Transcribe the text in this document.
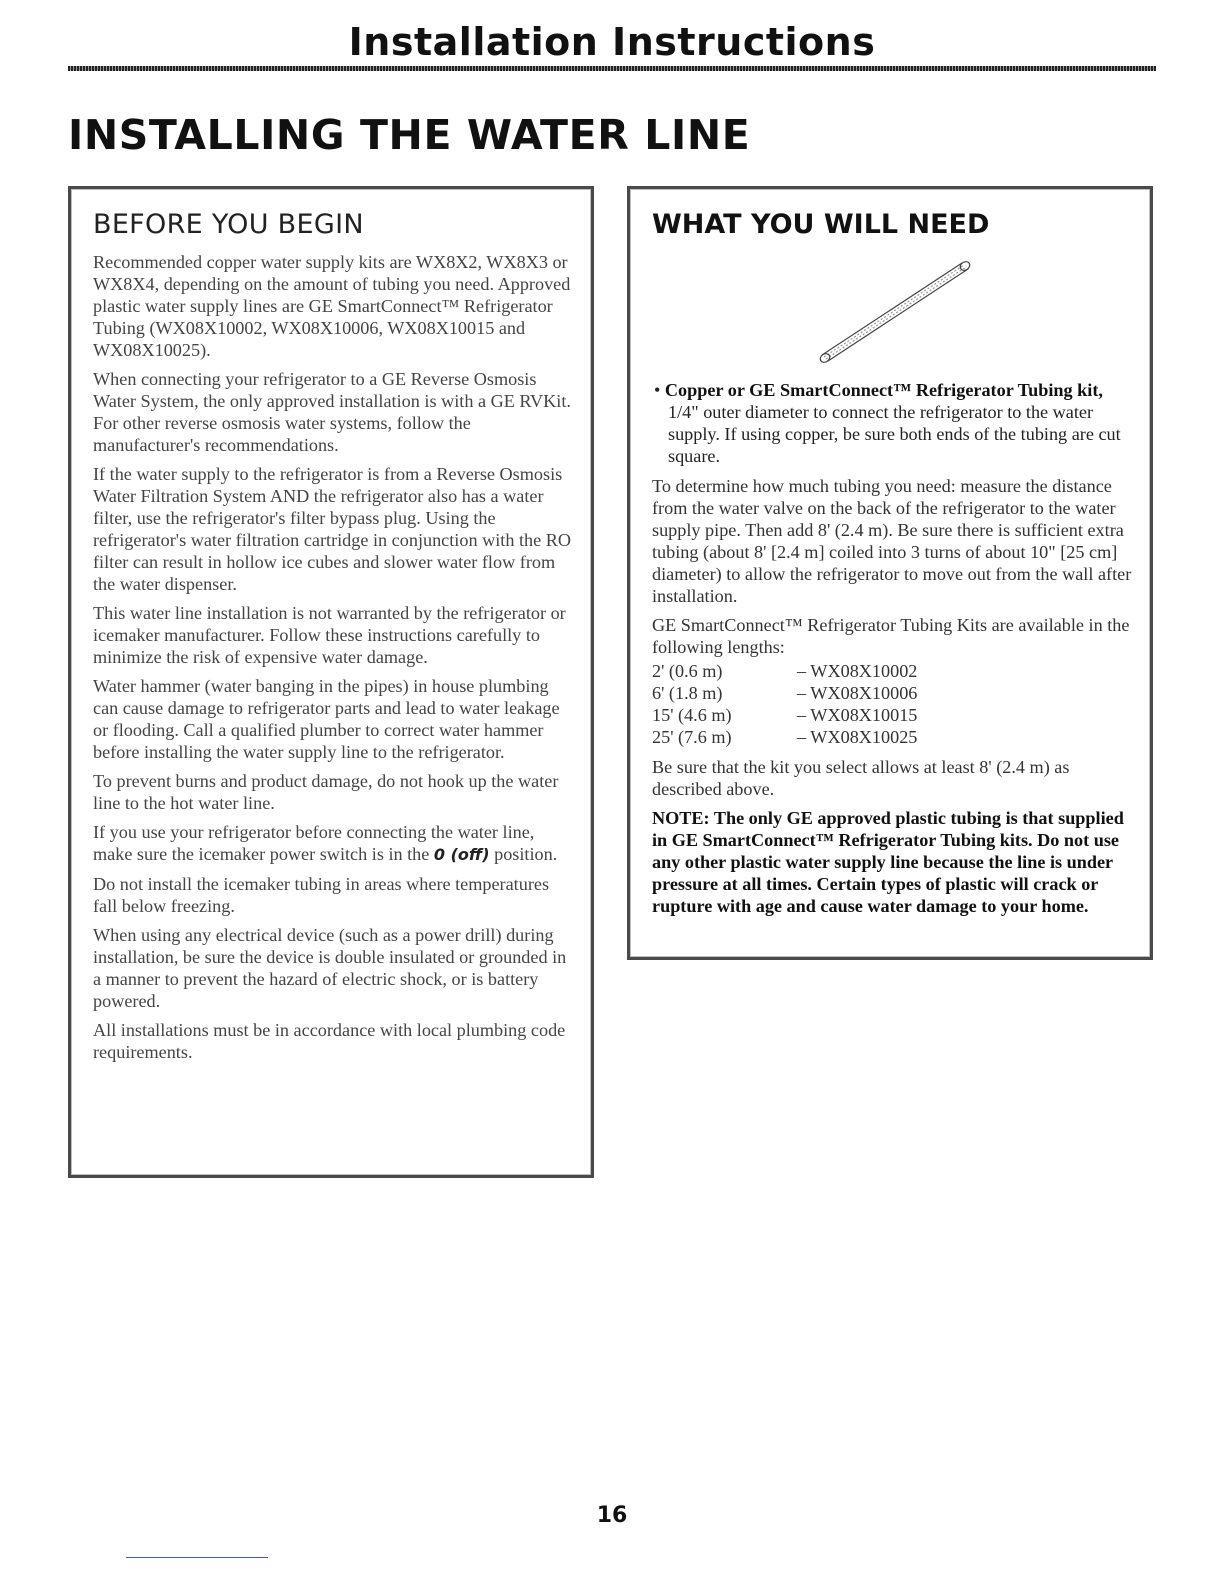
Installation Instructions
INSTALLING THE WATER LINE
BEFORE YOU BEGIN

Recommended copper water supply kits are WX8X2, WX8X3 or WX8X4, depending on the amount of tubing you need. Approved plastic water supply lines are GE SmartConnect™ Refrigerator Tubing (WX08X10002, WX08X10006, WX08X10015 and WX08X10025).

When connecting your refrigerator to a GE Reverse Osmosis Water System, the only approved installation is with a GE RVKit. For other reverse osmosis water systems, follow the manufacturer's recommendations.

If the water supply to the refrigerator is from a Reverse Osmosis Water Filtration System AND the refrigerator also has a water filter, use the refrigerator's filter bypass plug. Using the refrigerator's water filtration cartridge in conjunction with the RO filter can result in hollow ice cubes and slower water flow from the water dispenser.

This water line installation is not warranted by the refrigerator or icemaker manufacturer. Follow these instructions carefully to minimize the risk of expensive water damage.

Water hammer (water banging in the pipes) in house plumbing can cause damage to refrigerator parts and lead to water leakage or flooding. Call a qualified plumber to correct water hammer before installing the water supply line to the refrigerator.

To prevent burns and product damage, do not hook up the water line to the hot water line.

If you use your refrigerator before connecting the water line, make sure the icemaker power switch is in the 0 (off) position.

Do not install the icemaker tubing in areas where temperatures fall below freezing.

When using any electrical device (such as a power drill) during installation, be sure the device is double insulated or grounded in a manner to prevent the hazard of electric shock, or is battery powered.

All installations must be in accordance with local plumbing code requirements.

WHAT YOU WILL NEED

• Copper or GE SmartConnect™ Refrigerator Tubing kit, 1/4" outer diameter to connect the refrigerator to the water supply. If using copper, be sure both ends of the tubing are cut square.

To determine how much tubing you need: measure the distance from the water valve on the back of the refrigerator to the water supply pipe. Then add 8' (2.4 m). Be sure there is sufficient extra tubing (about 8' [2.4 m] coiled into 3 turns of about 10" [25 cm] diameter) to allow the refrigerator to move out from the wall after installation.

GE SmartConnect™ Refrigerator Tubing Kits are available in the following lengths:

2' (0.6 m)	– WX08X10002
6' (1.8 m)	– WX08X10006
15' (4.6 m)	– WX08X10015
25' (7.6 m)	– WX08X10025

Be sure that the kit you select allows at least 8' (2.4 m) as described above.

NOTE: The only GE approved plastic tubing is that supplied in GE SmartConnect™ Refrigerator Tubing kits. Do not use any other plastic water supply line because the line is under pressure at all times. Certain types of plastic will crack or rupture with age and cause water damage to your home.

16
